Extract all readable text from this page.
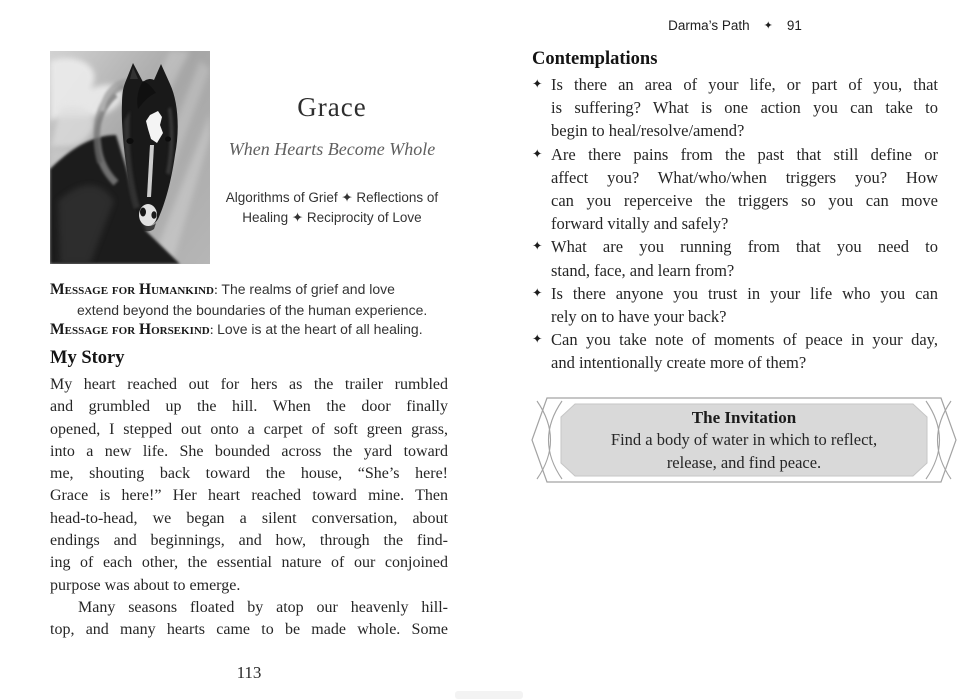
Grace
When Hearts Become Whole
Algorithms of Grief ✦ Reflections of
Healing ✦ Reciprocity of Love
Message for Humankind: The realms of grief and love
extend beyond the boundaries of the human experience.
Message for Horsekind: Love is at the heart of all healing.
My Story
My heart reached out for hers as the trailer rumbled
and grumbled up the hill. When the door finally
opened, I stepped out onto a carpet of soft green grass,
into a new life. She bounded across the yard toward
me, shouting back toward the house, “She’s here!
Grace is here!” Her heart reached toward mine. Then
head-to-head, we began a silent conversation, about
endings and beginnings, and how, through the find-
ing of each other, the essential nature of our conjoined
purpose was about to emerge.
Many seasons floated by atop our heavenly hill-
top, and many hearts came to be made whole. Some
113
Darma’s Path ✦ 91
Contemplations
✦ Is there an area of your life, or part of you, that
is suffering? What is one action you can take to
begin to heal/resolve/amend?
✦ Are there pains from the past that still define or
affect you? What/who/when triggers you? How
can you reperceive the triggers so you can move
forward vitally and safely?
✦ What are you running from that you need to
stand, face, and learn from?
✦ Is there anyone you trust in your life who you can
rely on to have your back?
✦ Can you take note of moments of peace in your day,
and intentionally create more of them?
The Invitation
Find a body of water in which to reflect,
release, and find peace.
